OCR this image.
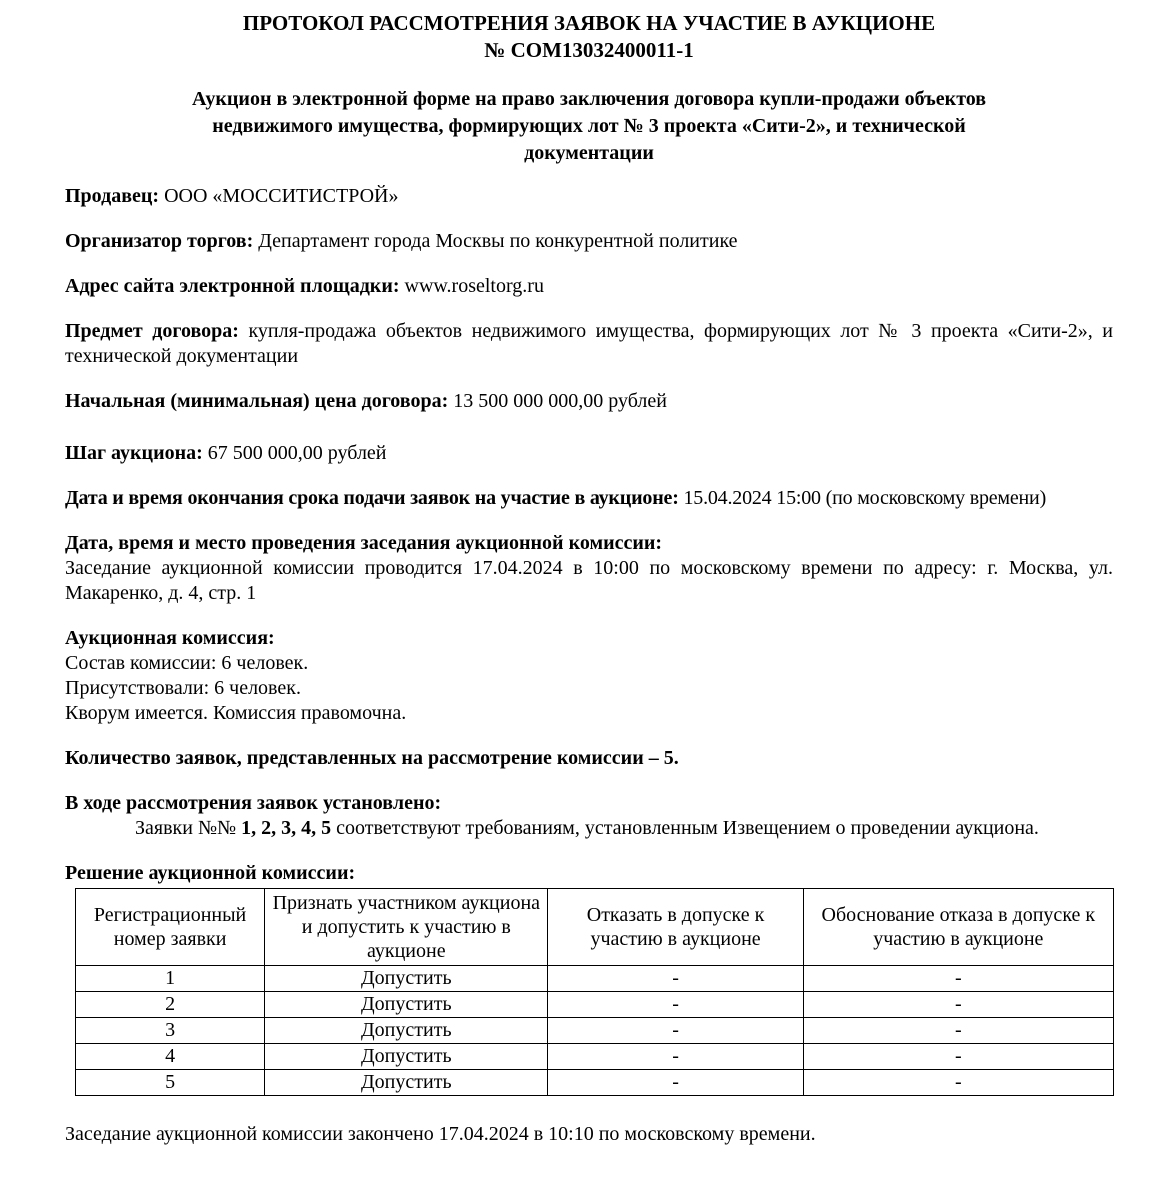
ПРОТОКОЛ РАССМОТРЕНИЯ ЗАЯВОК НА УЧАСТИЕ В АУКЦИОНЕ
№ COM13032400011-1
Аукцион в электронной форме на право заключения договора купли-продажи объектов
недвижимого имущества, формирующих лот № 3 проекта «Сити-2», и технической
документации

Продавец: ООО «МОССИТИСТРОЙ»

Организатор торгов: Департамент города Москвы по конкурентной политике

Адрес сайта электронной площадки: www.roseltorg.ru

Предмет договора: купля-продажа объектов недвижимого имущества, формирующих лот № 3 проекта «Сити-2», и технической документации

Начальная (минимальная) цена договора: 13 500 000 000,00 рублей

Шаг аукциона: 67 500 000,00 рублей

Дата и время окончания срока подачи заявок на участие в аукционе: 15.04.2024 15:00 (по московскому времени)

Дата, время и место проведения заседания аукционной комиссии:

Заседание аукционной комиссии проводится 17.04.2024 в 10:00 по московскому времени по адресу: г. Москва, ул. Макаренко, д. 4, стр. 1

Аукционная комиссия:

Состав комиссии: 6 человек.

Присутствовали: 6 человек.

Кворум имеется. Комиссия правомочна.

Количество заявок, представленных на рассмотрение комиссии – 5.

В ходе рассмотрения заявок установлено:

Заявки №№ 1, 2, 3, 4, 5 соответствуют требованиям, установленным Извещением о проведении аукциона.

Решение аукционной комиссии:

Регистрационный номер заявки	Признать участником аукциона и допустить к участию в аукционе	Отказать в допуске к участию в аукционе	Обоснование отказа в допуске к участию в аукционе
1	Допустить	-	-
2	Допустить	-	-
3	Допустить	-	-
4	Допустить	-	-
5	Допустить	-	-

Заседание аукционной комиссии закончено 17.04.2024 в 10:10 по московскому времени.
